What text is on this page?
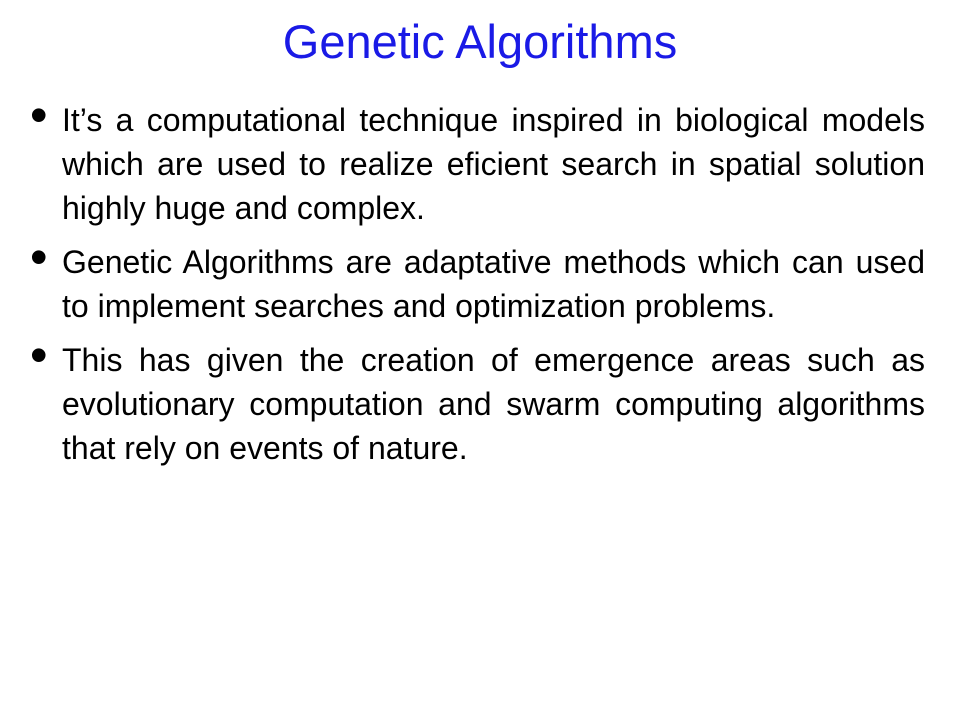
Genetic Algorithms
• It’s a computational technique inspired in biological models which are used to realize eficient search in spatial solution highly huge and complex.
• Genetic Algorithms are adaptative methods which can used to implement searches and optimization problems.
• This has given the creation of emergence areas such as evolutionary computation and swarm computing algorithms that rely on events of nature.
